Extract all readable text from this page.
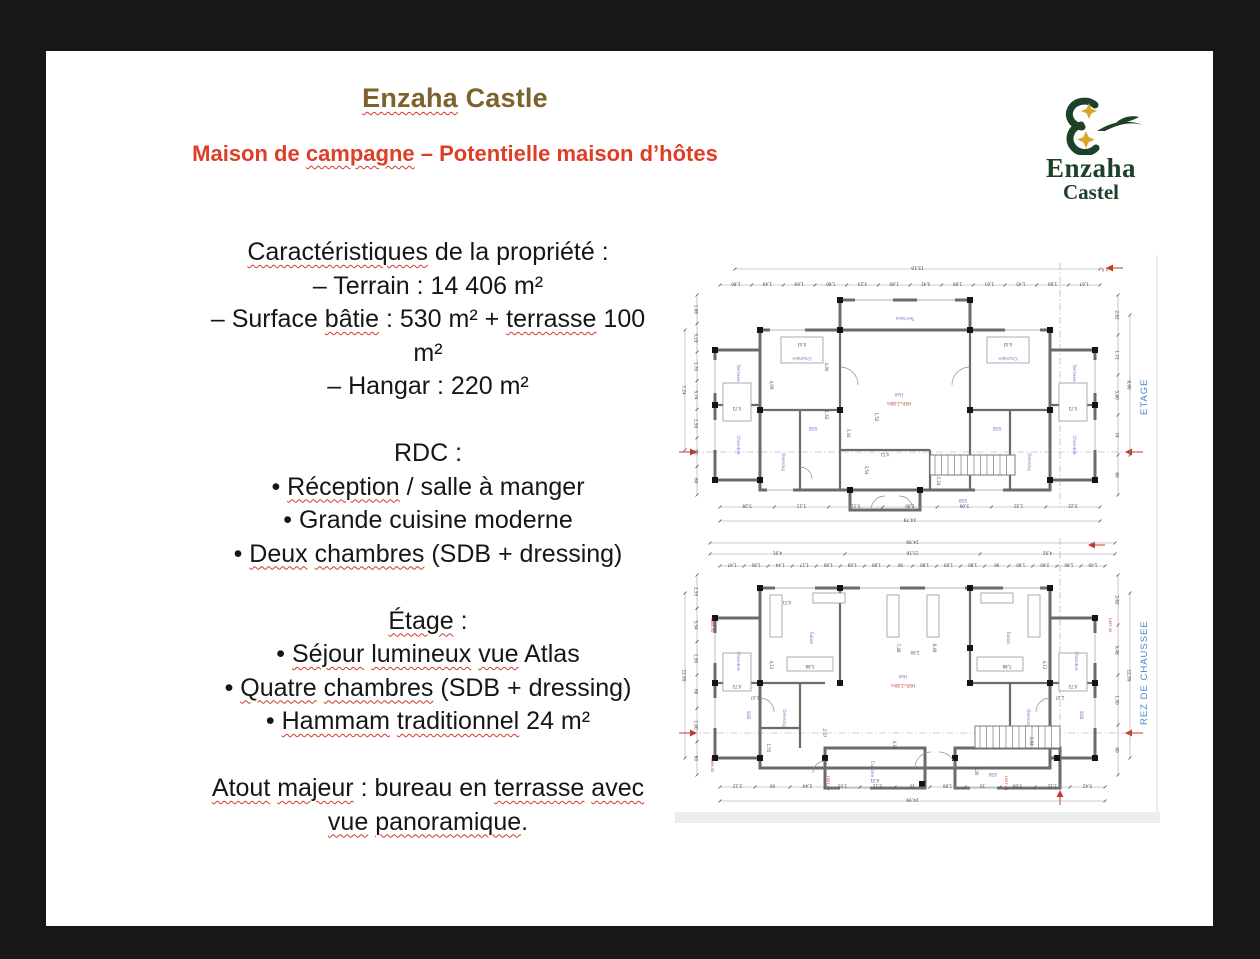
Enzaha Castle
Maison de campagne – Potentielle maison d’hôtes	Enzaha
Castel
Caractéristiques de la propriété :
– Terrain : 14 406 m²
– Surface bâtie : 530 m² + terrasse 100
m²
– Hangar : 220 m²

RDC :
• Réception / salle à manger
• Grande cuisine moderne
• Deux chambres (SDB + dressing)

Étage :
• Séjour lumineux vue Atlas
• Quatre chambres (SDB + dressing)
• Hammam traditionnel 24 m²

Atout majeur : bureau en terrasse avec
vue panoramique.
15,16
1,80	1,49	1,69	1,80	3,23	1,80	3,42	1,80	1,61	1,45	1,80	1,67
5,28	1,11	5,11	1,80	5,06	1,32	5,22
24,79
1,06
3,19
1,70
5,74
1,50
90
60
7,24
2,62
1,72
5,80
74
60
8,66
Terrasse
Terrasse	Terrasse
Chambre	Chambre
Chambre	Chambre
SDB	SDB
Dressing	Dressing
SDB
Hall
HSP=2.80m
4,9
4,72	4,72
4,43	4,43
4,00
4,09
3,54
4,51
2,24
1,52
3,34
1,62	ETAGE
24,99
4,91	15,16	4,92
1,67	1,80	1,44	1,17	1,80	1,08	1,80	90	1,80	1,09	1,80	96	1,80	2,60	1,80	1,49
2,12	90	2,44	1,03	5,11	10	1,80	10	5,08	1,12	5,42
24,99
2,55
5,54
1,30
60
1,00
60
12,99
2,62
5,48
1,30
60
12,99
Salon	Salon
Chambre	Chambre
SDB	SDB
Dressing	Dressing
Cuisine	SDB
Hall
HSP=2.80m
1068.50	1067.36
1066.50
1067.00	1067.44
5,88	5,88
2,60
7,48	8,48
4,72	4,72
4,12	4,12
4,16
4,31
2,20
3,84
2,47	2,37
4,51
2,07
1,55
REZ DE CHAUSSEE
